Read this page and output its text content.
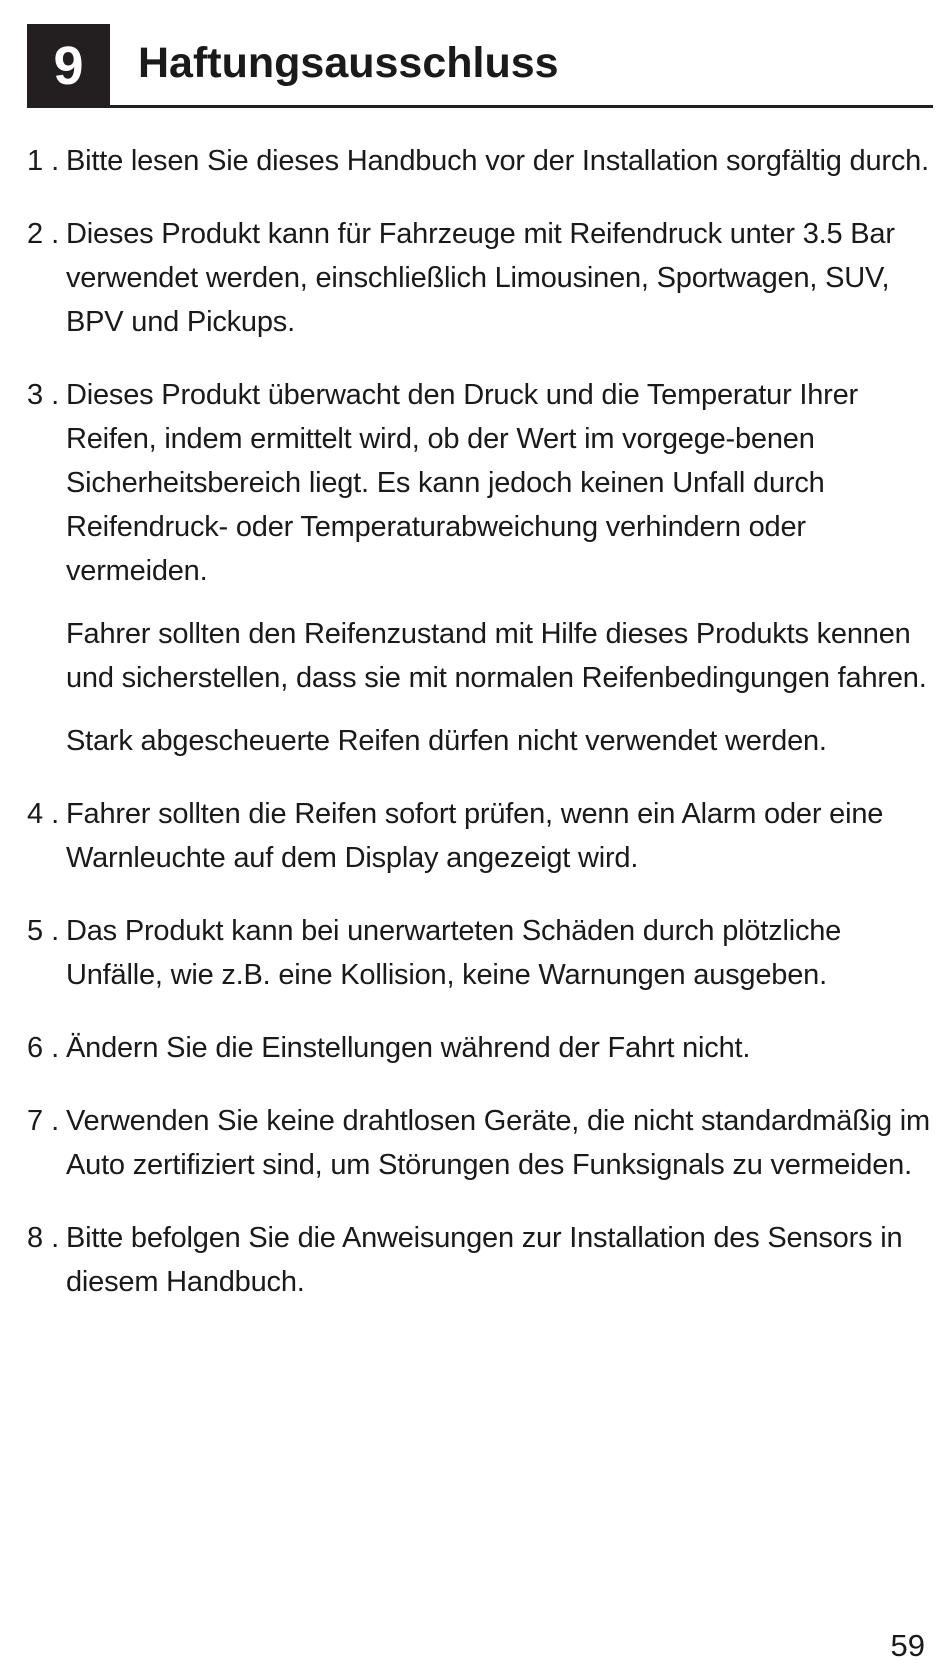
9	Haftungsausschluss
1 . Bitte lesen Sie dieses Handbuch vor der Installation sorgfältig durch.

2 . Dieses Produkt kann für Fahrzeuge mit Reifendruck unter 3.5 Bar verwendet werden, einschließlich Limousinen, Sportwagen, SUV, BPV und Pickups.

3 . Dieses Produkt überwacht den Druck und die Temperatur Ihrer Reifen, indem ermittelt wird, ob der Wert im vorgege-benen Sicherheitsbereich liegt. Es kann jedoch keinen Unfall durch Reifendruck- oder Temperaturabweichung verhindern oder vermeiden.

Fahrer sollten den Reifenzustand mit Hilfe dieses Produkts kennen und sicherstellen, dass sie mit normalen Reifenbedingungen fahren.

Stark abgescheuerte Reifen dürfen nicht verwendet werden.

4 . Fahrer sollten die Reifen sofort prüfen, wenn ein Alarm oder eine Warnleuchte auf dem Display angezeigt wird.

5 . Das Produkt kann bei unerwarteten Schäden durch plötzliche Unfälle, wie z.B. eine Kollision, keine Warnungen ausgeben.

6 . Ändern Sie die Einstellungen während der Fahrt nicht.

7 . Verwenden Sie keine drahtlosen Geräte, die nicht standardmäßig im Auto zertifiziert sind, um Störungen des Funksignals zu vermeiden.

8 . Bitte befolgen Sie die Anweisungen zur Installation des Sensors in diesem Handbuch.

59
